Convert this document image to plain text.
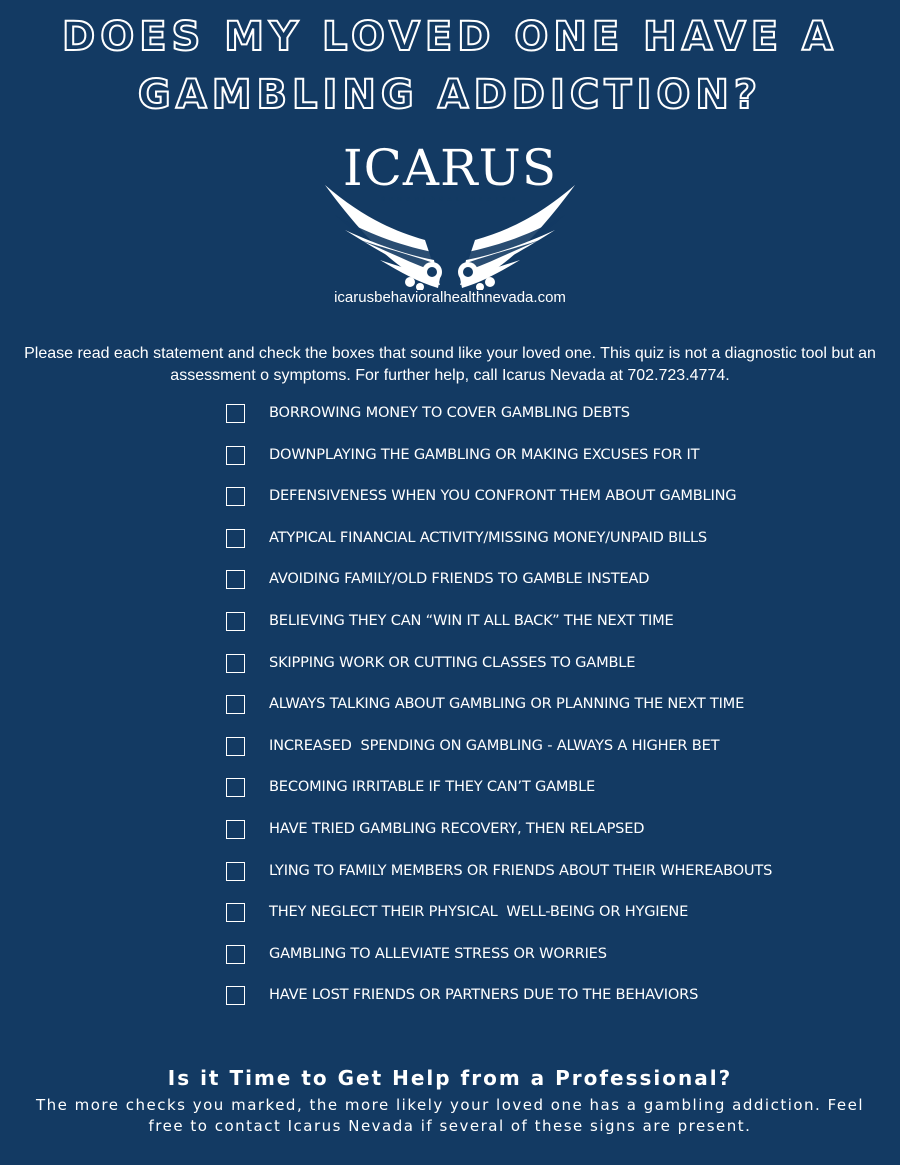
DOES MY LOVED ONE HAVE A GAMBLING ADDICTION?
ICARUS
BEHAVIORAL HEALTH
icarusbehavioralhealthnevada.com

Please read each statement and check the boxes that sound like your loved one. This quiz is not a diagnostic tool but an assessment o symptoms. For further help, call Icarus Nevada at 702.723.4774.

BORROWING MONEY TO COVER GAMBLING DEBTS
DOWNPLAYING THE GAMBLING OR MAKING EXCUSES FOR IT
DEFENSIVENESS WHEN YOU CONFRONT THEM ABOUT GAMBLING
ATYPICAL FINANCIAL ACTIVITY/MISSING MONEY/UNPAID BILLS
AVOIDING FAMILY/OLD FRIENDS TO GAMBLE INSTEAD
BELIEVING THEY CAN “WIN IT ALL BACK” THE NEXT TIME
SKIPPING WORK OR CUTTING CLASSES TO GAMBLE
ALWAYS TALKING ABOUT GAMBLING OR PLANNING THE NEXT TIME
INCREASED  SPENDING ON GAMBLING - ALWAYS A HIGHER BET
BECOMING IRRITABLE IF THEY CAN’T GAMBLE
HAVE TRIED GAMBLING RECOVERY, THEN RELAPSED
LYING TO FAMILY MEMBERS OR FRIENDS ABOUT THEIR WHEREABOUTS
THEY NEGLECT THEIR PHYSICAL  WELL-BEING OR HYGIENE
GAMBLING TO ALLEVIATE STRESS OR WORRIES
HAVE LOST FRIENDS OR PARTNERS DUE TO THE BEHAVIORS
Is it Time to Get Help from a Professional?
The more checks you marked, the more likely your loved one has a gambling addiction. Feel free to contact Icarus Nevada if several of these signs are present.
